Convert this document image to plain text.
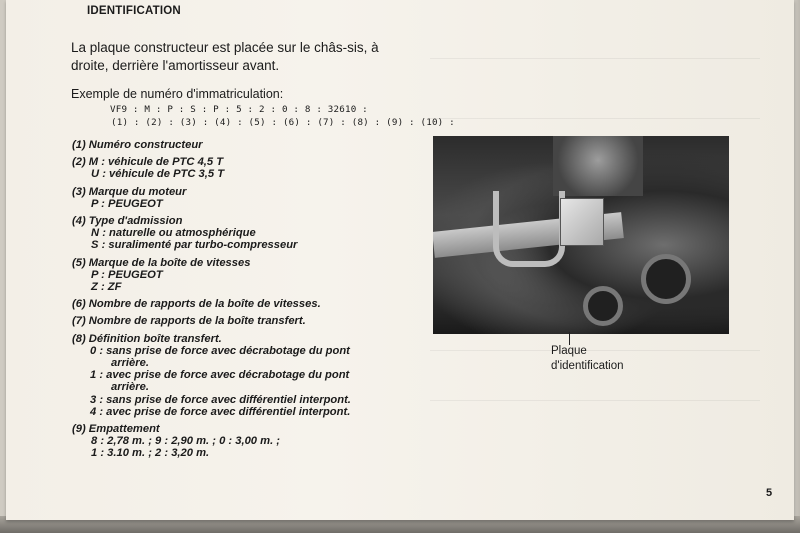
IDENTIFICATION
La plaque constructeur est placée sur le châs-sis, à droite, derrière l'amortisseur avant.
Exemple de numéro d'immatriculation:
VF9 : M : P : S : P : 5 : 2 : 0 : 8 : 32610 :
(1) : (2) : (3) : (4) : (5) : (6) : (7) : (8) : (9) : (10) :
(1) Numéro constructeur
(2) M : véhicule de PTC 4,5 T
U : véhicule de PTC 3,5 T
(3) Marque du moteur
P : PEUGEOT
(4) Type d'admission
N : naturelle ou atmosphérique
S : suralimenté par turbo-compresseur
(5) Marque de la boîte de vitesses
P : PEUGEOT
Z : ZF
(6) Nombre de rapports de la boîte de vitesses.
(7) Nombre de rapports de la boîte transfert.
(8) Définition boîte transfert.
0 : sans prise de force avec décrabotage du pont
arrière.
1 : avec prise de force avec décrabotage du pont
arrière.
3 : sans prise de force avec différentiel interpont.
4 : avec prise de force avec différentiel interpont.
(9) Empattement
8 : 2,78 m. ; 9 : 2,90 m. ; 0 : 3,00 m. ;
1 : 3.10 m. ; 2 : 3,20 m.
Plaque
d'identification
5
